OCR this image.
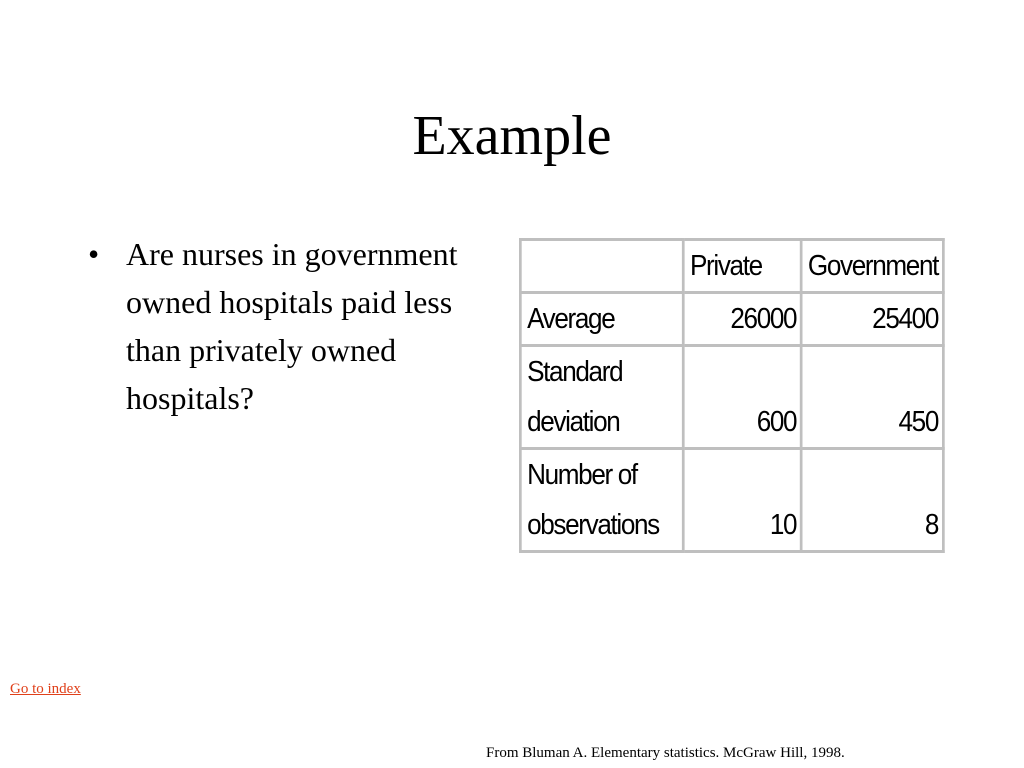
Example
• Are nurses in government owned hospitals paid less than privately owned hospitals?
	Private	Government
Average	26000	25400
Standard
deviation	600	450
Number of
observations	10	8
Go to index
From Bluman A. Elementary statistics. McGraw Hill, 1998.
